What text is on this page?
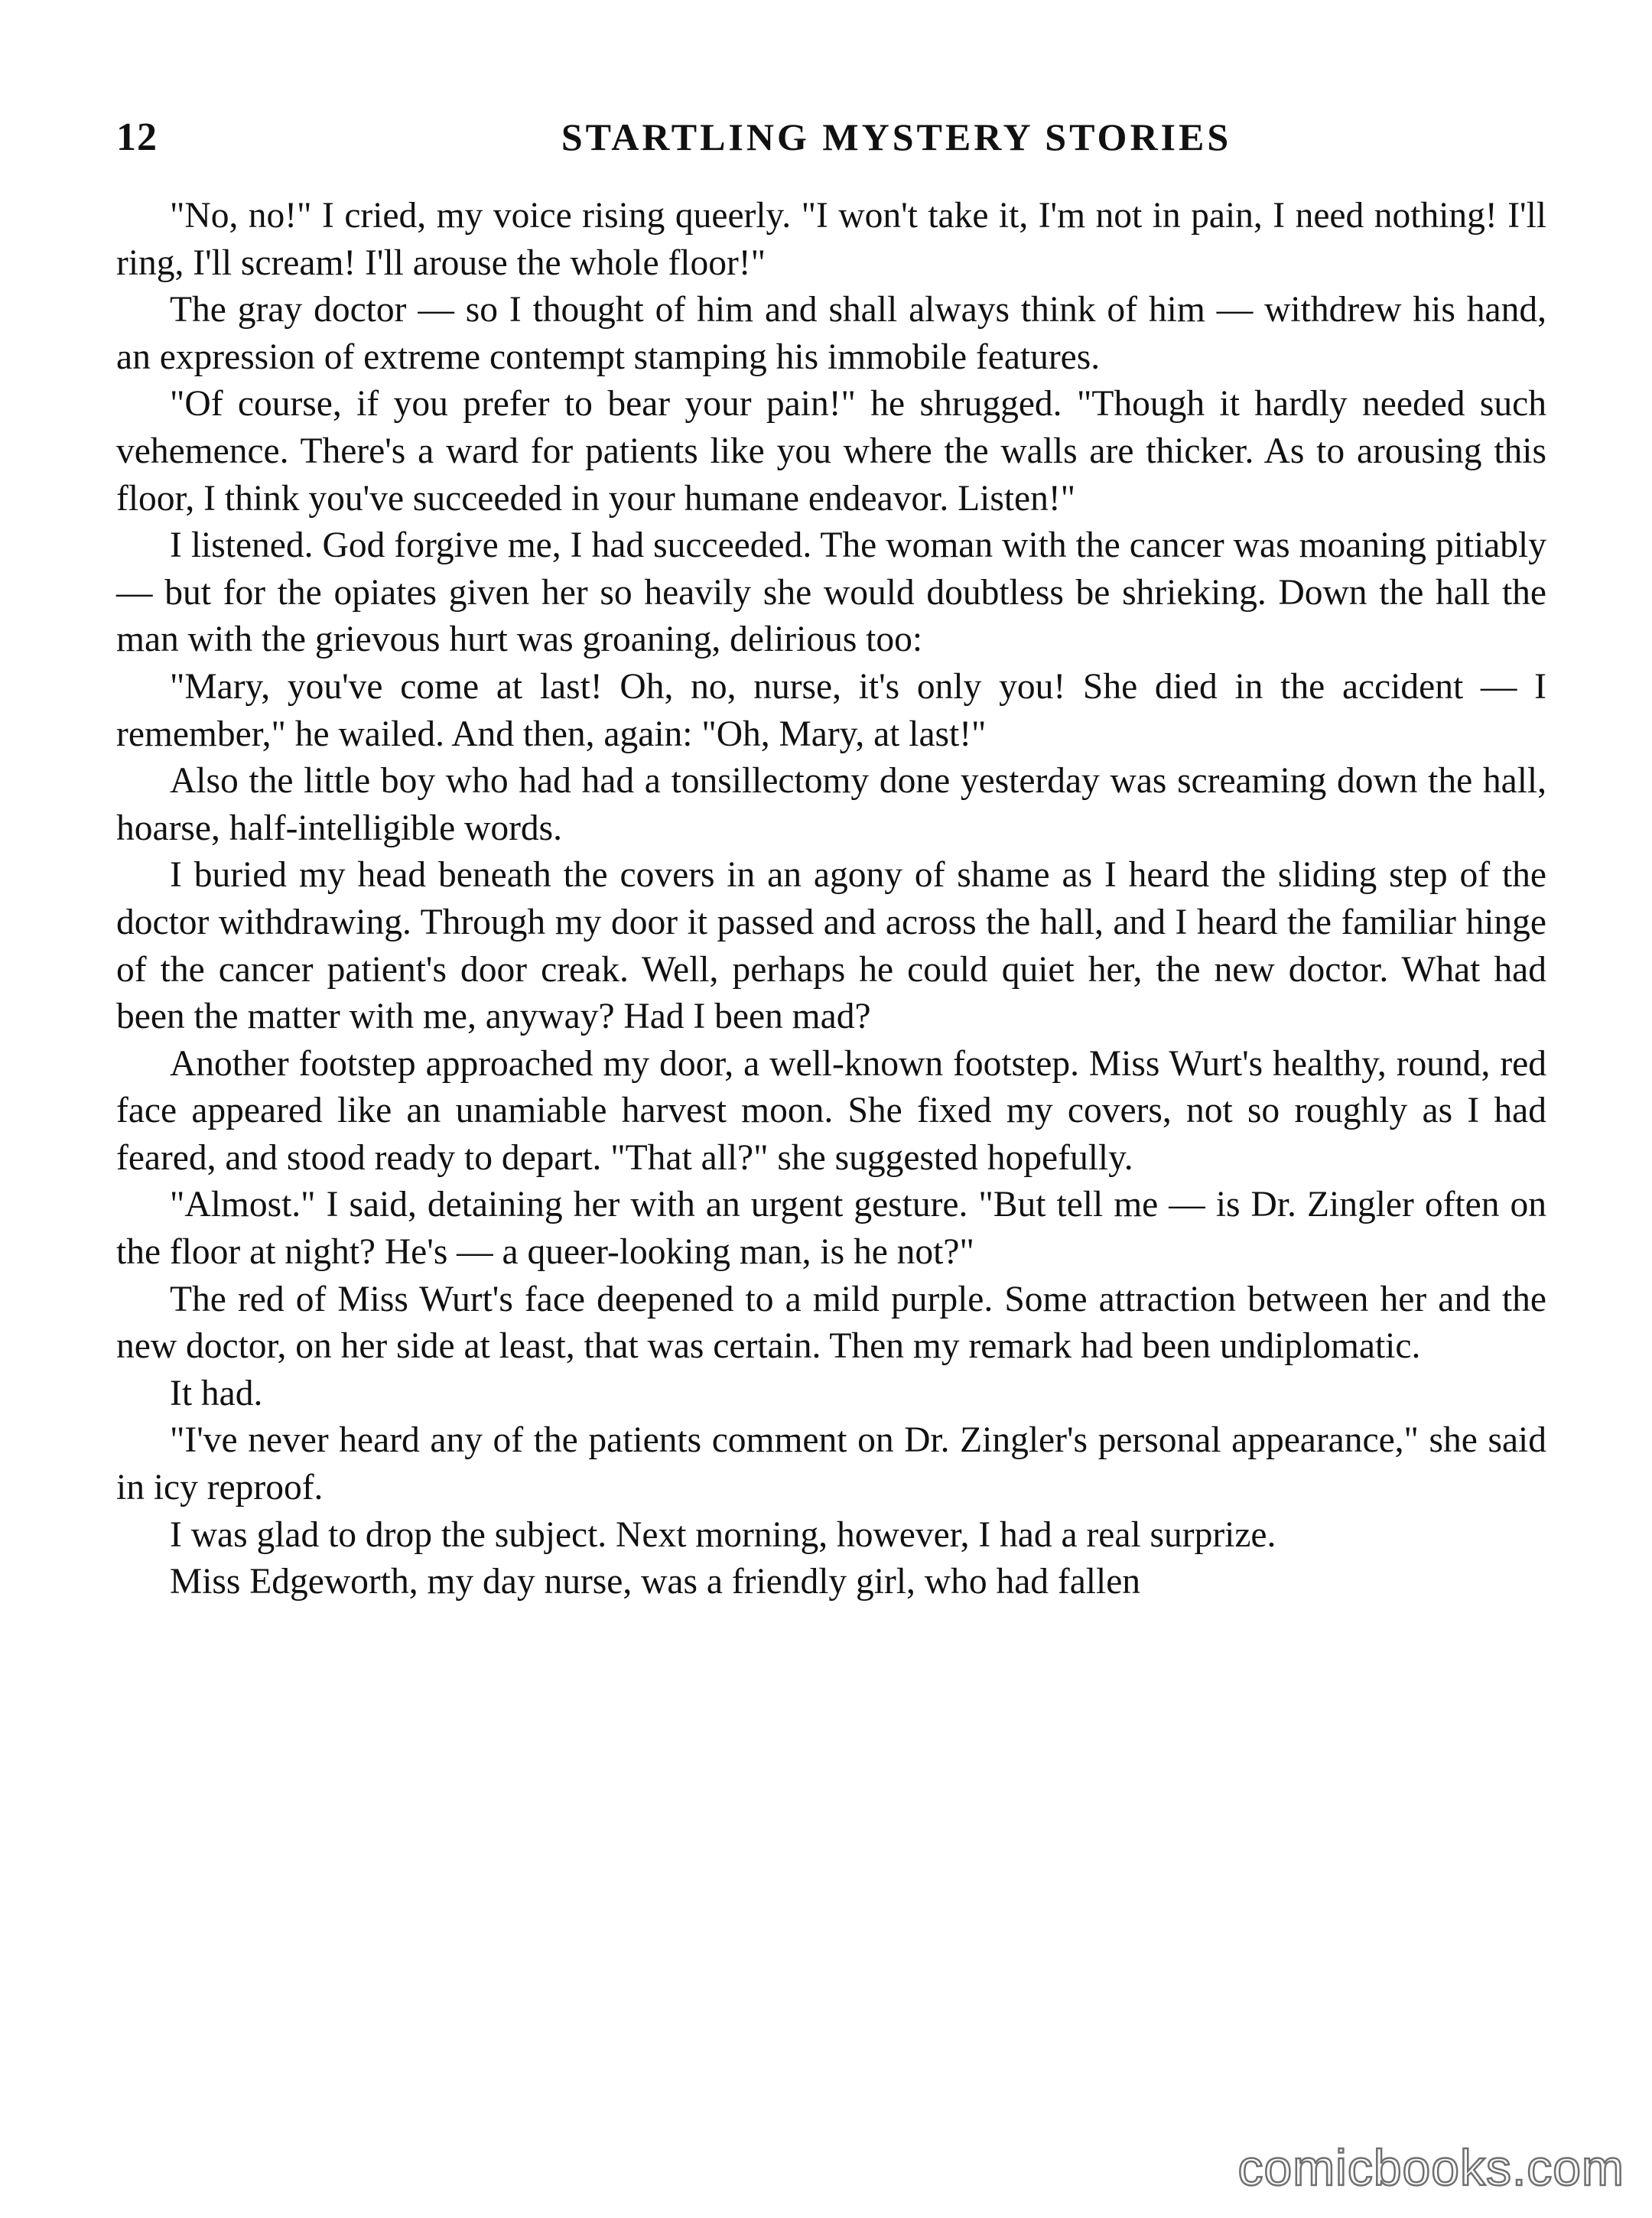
12	STARTLING MYSTERY STORIES

"No, no!" I cried, my voice rising queerly. "I won't take it, I'm not in pain, I need nothing! I'll ring, I'll scream! I'll arouse the whole floor!"

The gray doctor — so I thought of him and shall always think of him — withdrew his hand, an expression of extreme contempt stamping his immobile features.

"Of course, if you prefer to bear your pain!" he shrugged. "Though it hardly needed such vehemence. There's a ward for patients like you where the walls are thicker. As to arousing this floor, I think you've succeeded in your humane endeavor. Listen!"

I listened. God forgive me, I had succeeded. The woman with the cancer was moaning pitiably — but for the opiates given her so heavily she would doubtless be shrieking. Down the hall the man with the grievous hurt was groaning, delirious too:

"Mary, you've come at last! Oh, no, nurse, it's only you! She died in the accident — I remember," he wailed. And then, again: "Oh, Mary, at last!"

Also the little boy who had had a tonsillectomy done yesterday was screaming down the hall, hoarse, half-intelligible words.

I buried my head beneath the covers in an agony of shame as I heard the sliding step of the doctor withdrawing. Through my door it passed and across the hall, and I heard the familiar hinge of the cancer patient's door creak. Well, perhaps he could quiet her, the new doctor. What had been the matter with me, anyway? Had I been mad?

Another footstep approached my door, a well-known footstep. Miss Wurt's healthy, round, red face appeared like an unamiable harvest moon. She fixed my covers, not so roughly as I had feared, and stood ready to depart. "That all?" she suggested hopefully.

"Almost." I said, detaining her with an urgent gesture. "But tell me — is Dr. Zingler often on the floor at night? He's — a queer-looking man, is he not?"

The red of Miss Wurt's face deepened to a mild purple. Some attraction between her and the new doctor, on her side at least, that was certain. Then my remark had been undiplomatic.

It had.

"I've never heard any of the patients comment on Dr. Zingler's personal appearance," she said in icy reproof.

I was glad to drop the subject. Next morning, however, I had a real surprize.

Miss Edgeworth, my day nurse, was a friendly girl, who had fallen

comicbooks.com
